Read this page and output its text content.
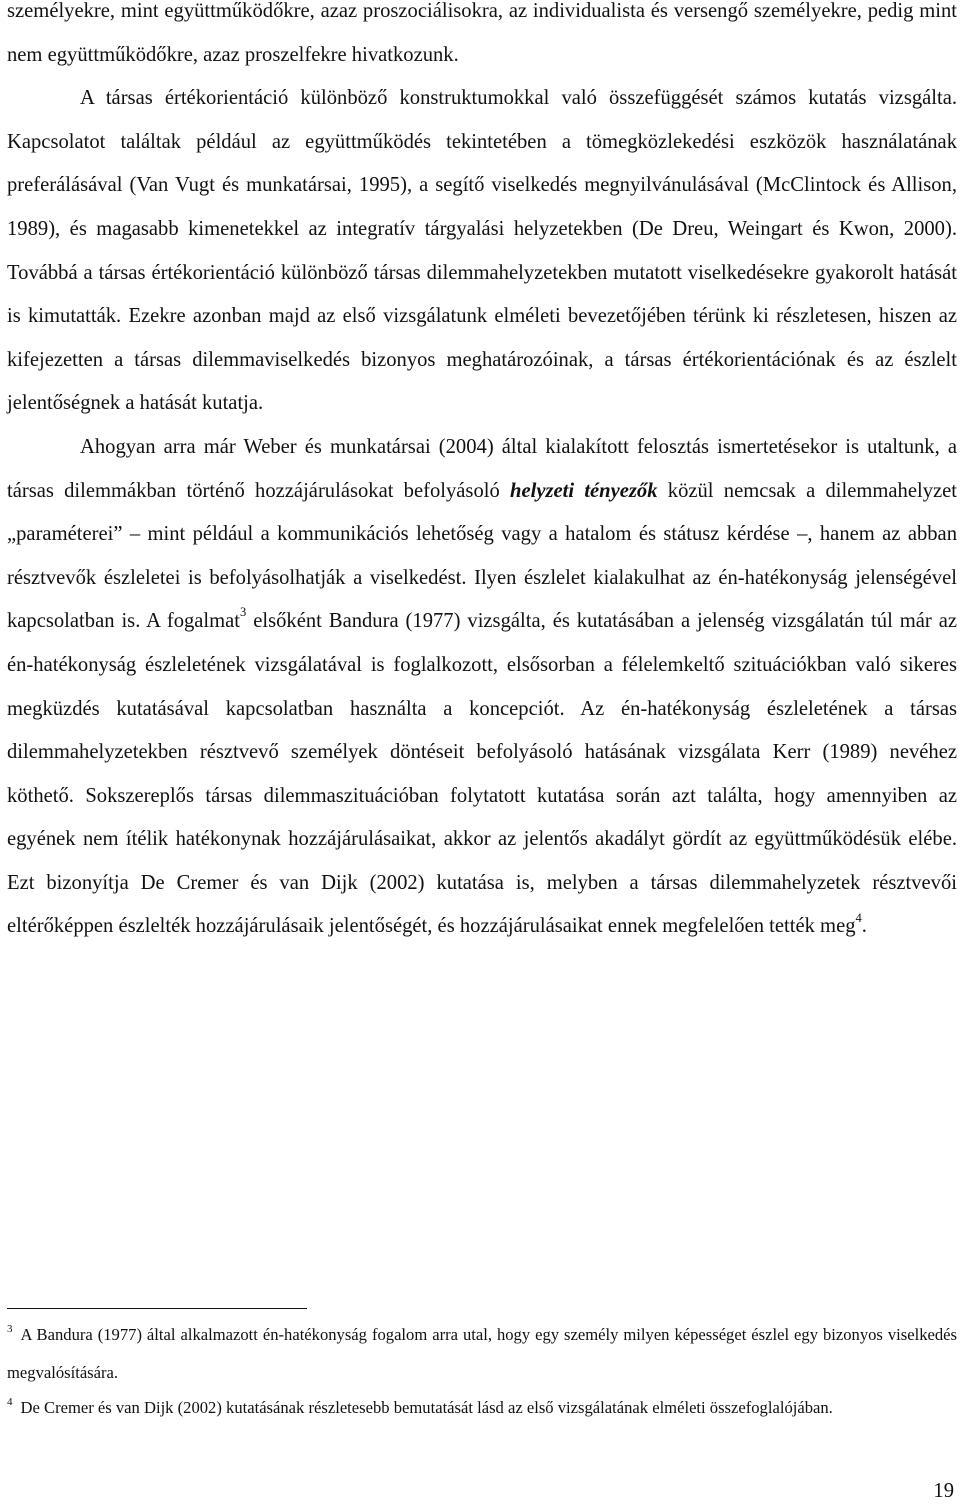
személyekre, mint együttműködőkre, azaz proszociálisokra, az individualista és versengő személyekre, pedig mint nem együttműködőkre, azaz proszelfekre hivatkozunk.

A társas értékorientáció különböző konstruktumokkal való összefüggését számos kutatás vizsgálta. Kapcsolatot találtak például az együttműködés tekintetében a tömegközlekedési eszközök használatának preferálásával (Van Vugt és munkatársai, 1995), a segítő viselkedés megnyilvánulásával (McClintock és Allison, 1989), és magasabb kimenetekkel az integratív tárgyalási helyzetekben (De Dreu, Weingart és Kwon, 2000). Továbbá a társas értékorientáció különböző társas dilemmahelyzetekben mutatott viselkedésekre gyakorolt hatását is kimutatták. Ezekre azonban majd az első vizsgálatunk elméleti bevezetőjében térünk ki részletesen, hiszen az kifejezetten a társas dilemmaviselkedés bizonyos meghatározóinak, a társas értékorientációnak és az észlelt jelentőségnek a hatását kutatja.

Ahogyan arra már Weber és munkatársai (2004) által kialakított felosztás ismertetésekor is utaltunk, a társas dilemmákban történő hozzájárulásokat befolyásoló helyzeti tényezők közül nemcsak a dilemmahelyzet „paraméterei” – mint például a kommunikációs lehetőség vagy a hatalom és státusz kérdése –, hanem az abban résztvevők észleletei is befolyásolhatják a viselkedést. Ilyen észlelet kialakulhat az én-hatékonyság jelenségével kapcsolatban is. A fogalmat$^3$ elsőként Bandura (1977) vizsgálta, és kutatásában a jelenség vizsgálatán túl már az én-hatékonyság észleletének vizsgálatával is foglalkozott, elsősorban a félelemkeltő szituációkban való sikeres megküzdés kutatásával kapcsolatban használta a koncepciót. Az én-hatékonyság észleletének a társas dilemmahelyzetekben résztvevő személyek döntéseit befolyásoló hatásának vizsgálata Kerr (1989) nevéhez köthető. Sokszereplős társas dilemmaszituációban folytatott kutatása során azt találta, hogy amennyiben az egyének nem ítélik hatékonynak hozzájárulásaikat, akkor az jelentős akadályt gördít az együttműködésük elébe. Ezt bizonyítja De Cremer és van Dijk (2002) kutatása is, melyben a társas dilemmahelyzetek résztvevői eltérőképpen észlelték hozzájárulásaik jelentőségét, és hozzájárulásaikat ennek megfelelően tették meg$^4$.

$^3$ A Bandura (1977) által alkalmazott én-hatékonyság fogalom arra utal, hogy egy személy milyen képességet észlel egy bizonyos viselkedés megvalósítására.

$^4$ De Cremer és van Dijk (2002) kutatásának részletesebb bemutatását lásd az első vizsgálatának elméleti összefoglalójában.

19
